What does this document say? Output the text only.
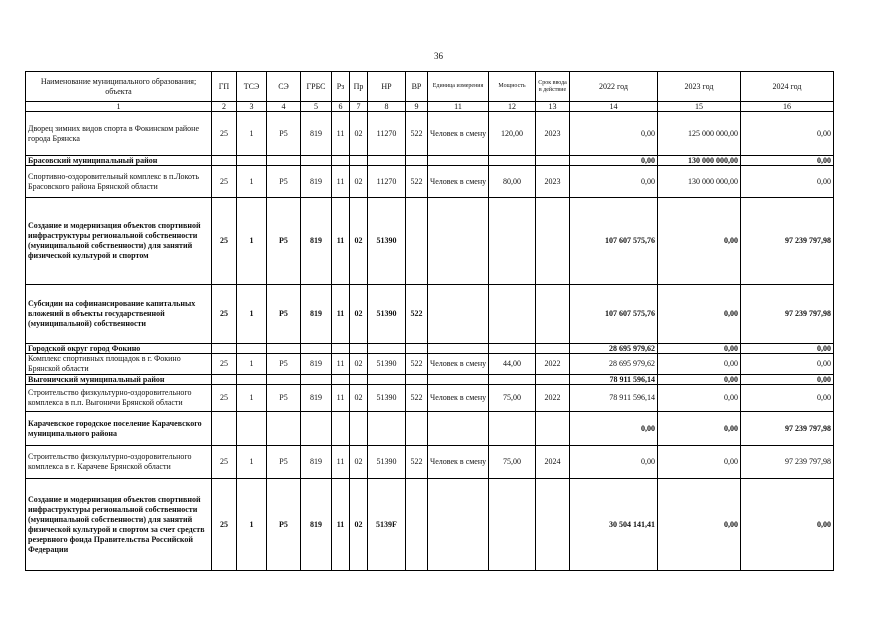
36
Наименование муниципального образования; объекта	ГП	ТСЭ	СЭ	ГРБС	Рз	Пр	НР	ВР	Единица измерения	Мощность	Срок ввода в действие	2022 год	2023 год	2024 год
1	2	3	4	5	6	7	8	9	11	12	13	14	15	16
Дворец зимних видов спорта в Фокинском районе города Брянска	25	1	Р5	819	11	02	11270	522	Человек в смену	120,00	2023	0,00	125 000 000,00	0,00
Брасовский муниципальный район												0,00	130 000 000,00	0,00
Спортивно-оздоровительный комплекс в п.Локоть Брасовского района Брянской области	25	1	Р5	819	11	02	11270	522	Человек в смену	80,00	2023	0,00	130 000 000,00	0,00
Создание и модернизация объектов спортивной инфраструктуры региональной собственности (муниципальной собственности) для занятий физической культурой и спортом	25	1	Р5	819	11	02	51390					107 607 575,76	0,00	97 239 797,98
Субсидии на софинансирование капитальных вложений в объекты государственной (муниципальной) собственности	25	1	Р5	819	11	02	51390	522				107 607 575,76	0,00	97 239 797,98
Городской округ город Фокино												28 695 979,62	0,00	0,00
Комплекс спортивных площадок в г. Фокино Брянской области	25	1	Р5	819	11	02	51390	522	Человек в смену	44,00	2022	28 695 979,62	0,00	0,00
Выгоничский муниципальный район												78 911 596,14	0,00	0,00
Строительство физкультурно-оздоровительного комплекса в п.п. Выгоничи Брянской области	25	1	Р5	819	11	02	51390	522	Человек в смену	75,00	2022	78 911 596,14	0,00	0,00
Карачевское городское поселение Карачевского муниципального района												0,00	0,00	97 239 797,98
Строительство физкультурно-оздоровительного комплекса в г. Карачеве Брянской области	25	1	Р5	819	11	02	51390	522	Человек в смену	75,00	2024	0,00	0,00	97 239 797,98
Создание и модернизация объектов спортивной инфраструктуры региональной собственности (муниципальной собственности) для занятий физической культурой и спортом за счет средств резервного фонда Правительства Российской Федерации	25	1	Р5	819	11	02	5139F					30 504 141,41	0,00	0,00
